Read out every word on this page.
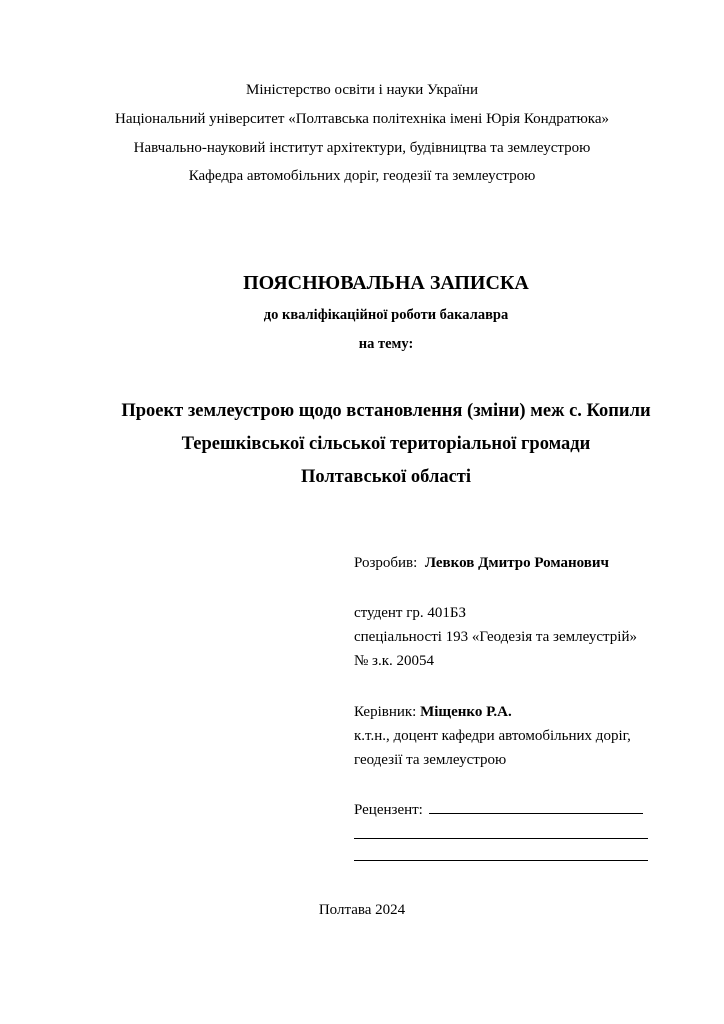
Міністерство освіти і науки України
Національний університет «Полтавська політехніка імені Юрія Кондратюка»
Навчально-науковий інститут архітектури, будівництва та землеустрою
Кафедра автомобільних доріг, геодезії та землеустрою
ПОЯСНЮВАЛЬНА ЗАПИСКА
до кваліфікаційної роботи бакалавра
на тему:
Проект землеустрою щодо встановлення (зміни) меж с. Копили
Терешківської сільської територіальної громади
Полтавської області
Розробив: Левков Дмитро Романович
студент гр. 401БЗ
спеціальності 193 «Геодезія та землеустрій»
№ з.к. 20054
Керівник: Міщенко Р.А.
к.т.н., доцент кафедри автомобільних доріг,
геодезії та землеустрою
Рецензент:
Полтава 2024
